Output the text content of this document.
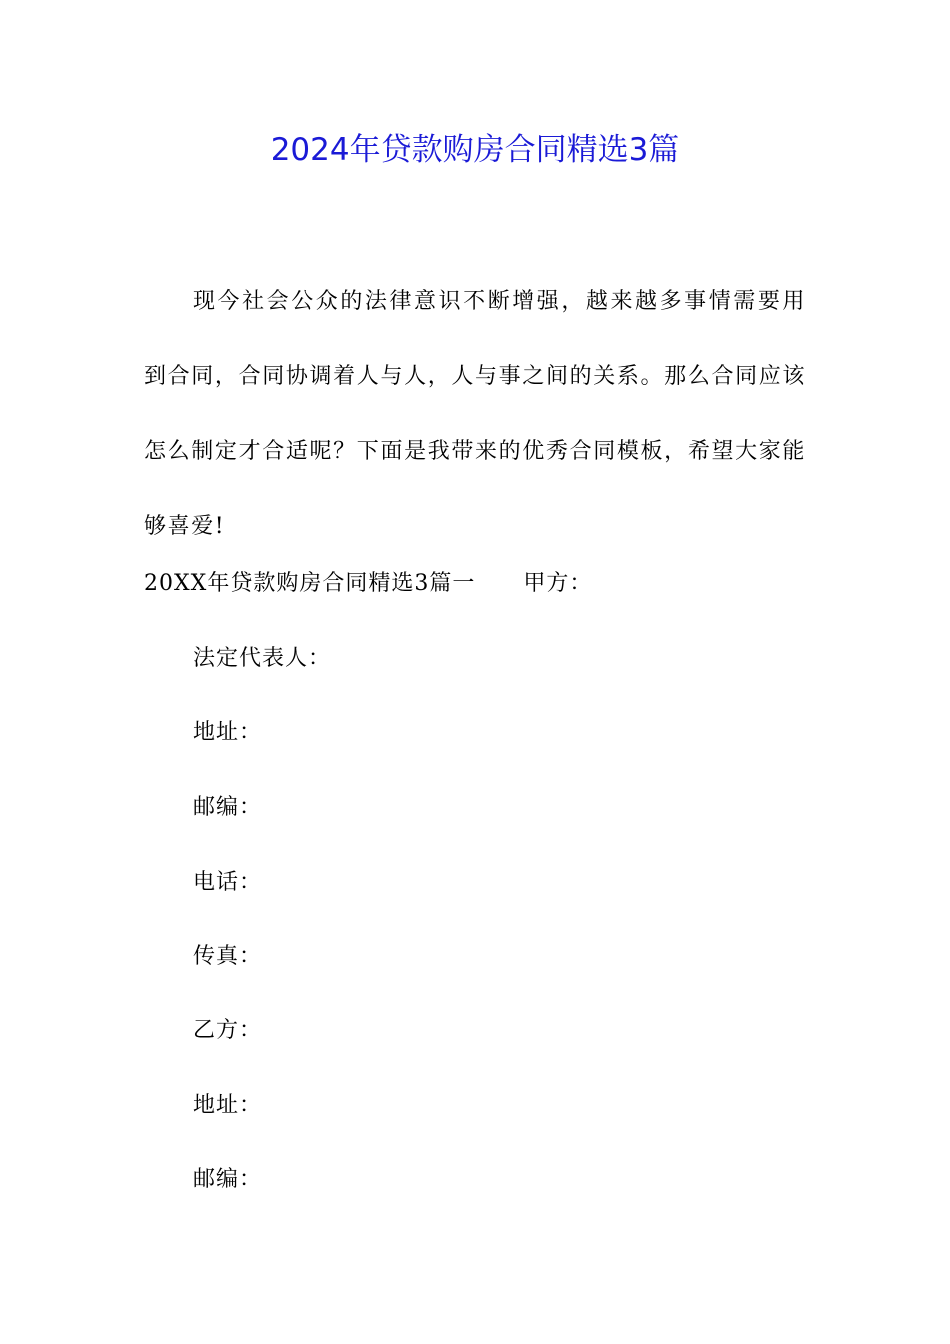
2024年贷款购房合同精选3篇

现今社会公众的法律意识不断增强，越来越多事情需要用到合同，合同协调着人与人，人与事之间的关系。那么合同应该怎么制定才合适呢？下面是我带来的优秀合同模板，希望大家能够喜爱!

20XX年贷款购房合同精选3篇一 甲方：
法定代表人：
地址：
邮编：
电话：
传真：
乙方：
地址：
邮编：
